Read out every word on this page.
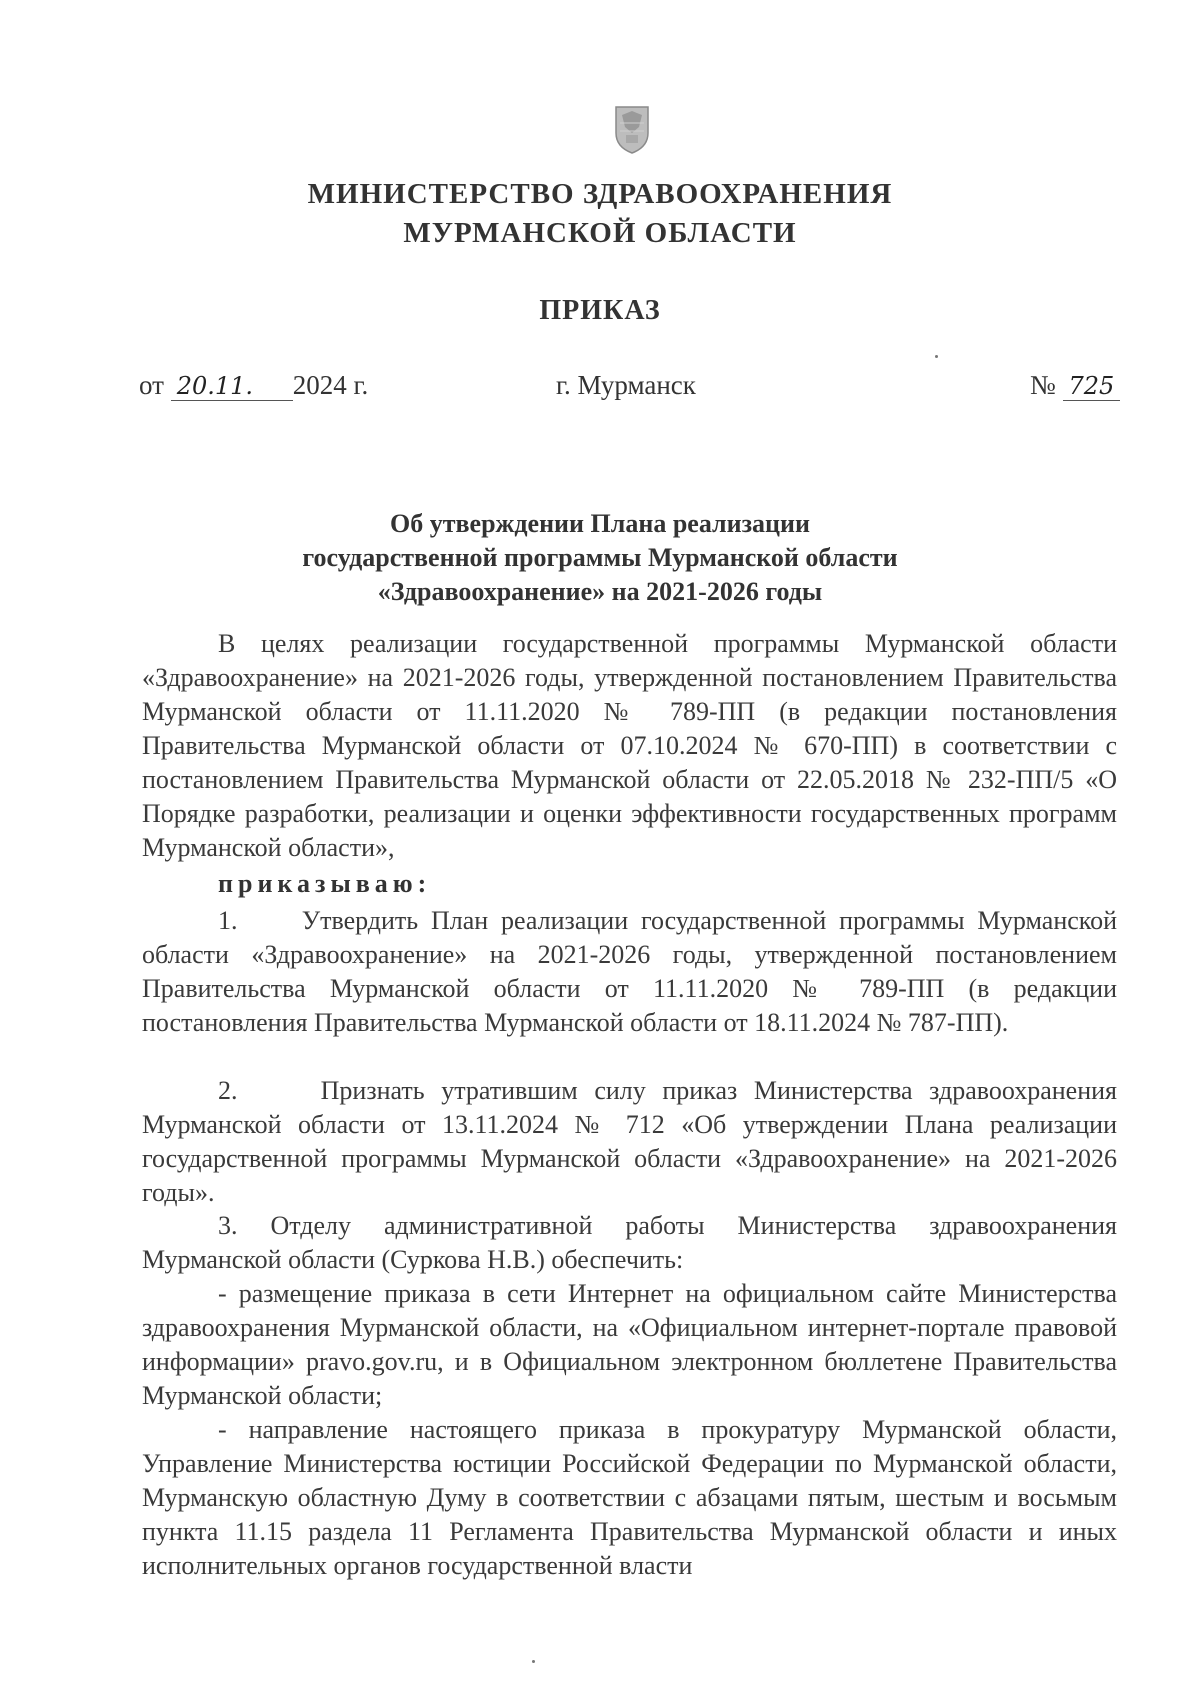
МИНИСТЕРСТВО ЗДРАВООХРАНЕНИЯ
МУРМАНСКОЙ ОБЛАСТИ
ПРИКАЗ
от 20.11. 2024 г.	г. Мурманск	№ 725
Об утверждении Плана реализации
государственной программы Мурманской области
«Здравоохранение» на 2021-2026 годы

В целях реализации государственной программы Мурманской области «Здравоохранение» на 2021-2026 годы, утвержденной постановлением Правительства Мурманской области от 11.11.2020 № 789-ПП (в редакции постановления Правительства Мурманской области от 07.10.2024 № 670-ПП) в соответствии с постановлением Правительства Мурманской области от 22.05.2018 № 232-ПП/5 «О Порядке разработки, реализации и оценки эффективности государственных программ Мурманской области»,

приказываю:

1.     Утвердить План реализации государственной программы Мурманской области «Здравоохранение» на 2021-2026 годы, утвержденной постановлением Правительства Мурманской области от 11.11.2020 № 789-ПП (в редакции постановления Правительства Мурманской области от 18.11.2024 № 787-ПП).

2.     Признать утратившим силу приказ Министерства здравоохранения Мурманской области от 13.11.2024 № 712 «Об утверждении Плана реализации государственной программы Мурманской области «Здравоохранение» на 2021-2026 годы».

3. Отделу административной работы Министерства здравоохранения Мурманской области (Суркова Н.В.) обеспечить:

- размещение приказа в сети Интернет на официальном сайте Министерства здравоохранения Мурманской области, на «Официальном интернет-портале правовой информации» pravo.gov.ru, и в Официальном электронном бюллетене Правительства Мурманской области;

- направление настоящего приказа в прокуратуру Мурманской области, Управление Министерства юстиции Российской Федерации по Мурманской области, Мурманскую областную Думу в соответствии с абзацами пятым, шестым и восьмым пункта 11.15 раздела 11 Регламента Правительства Мурманской области и иных исполнительных органов государственной власти
